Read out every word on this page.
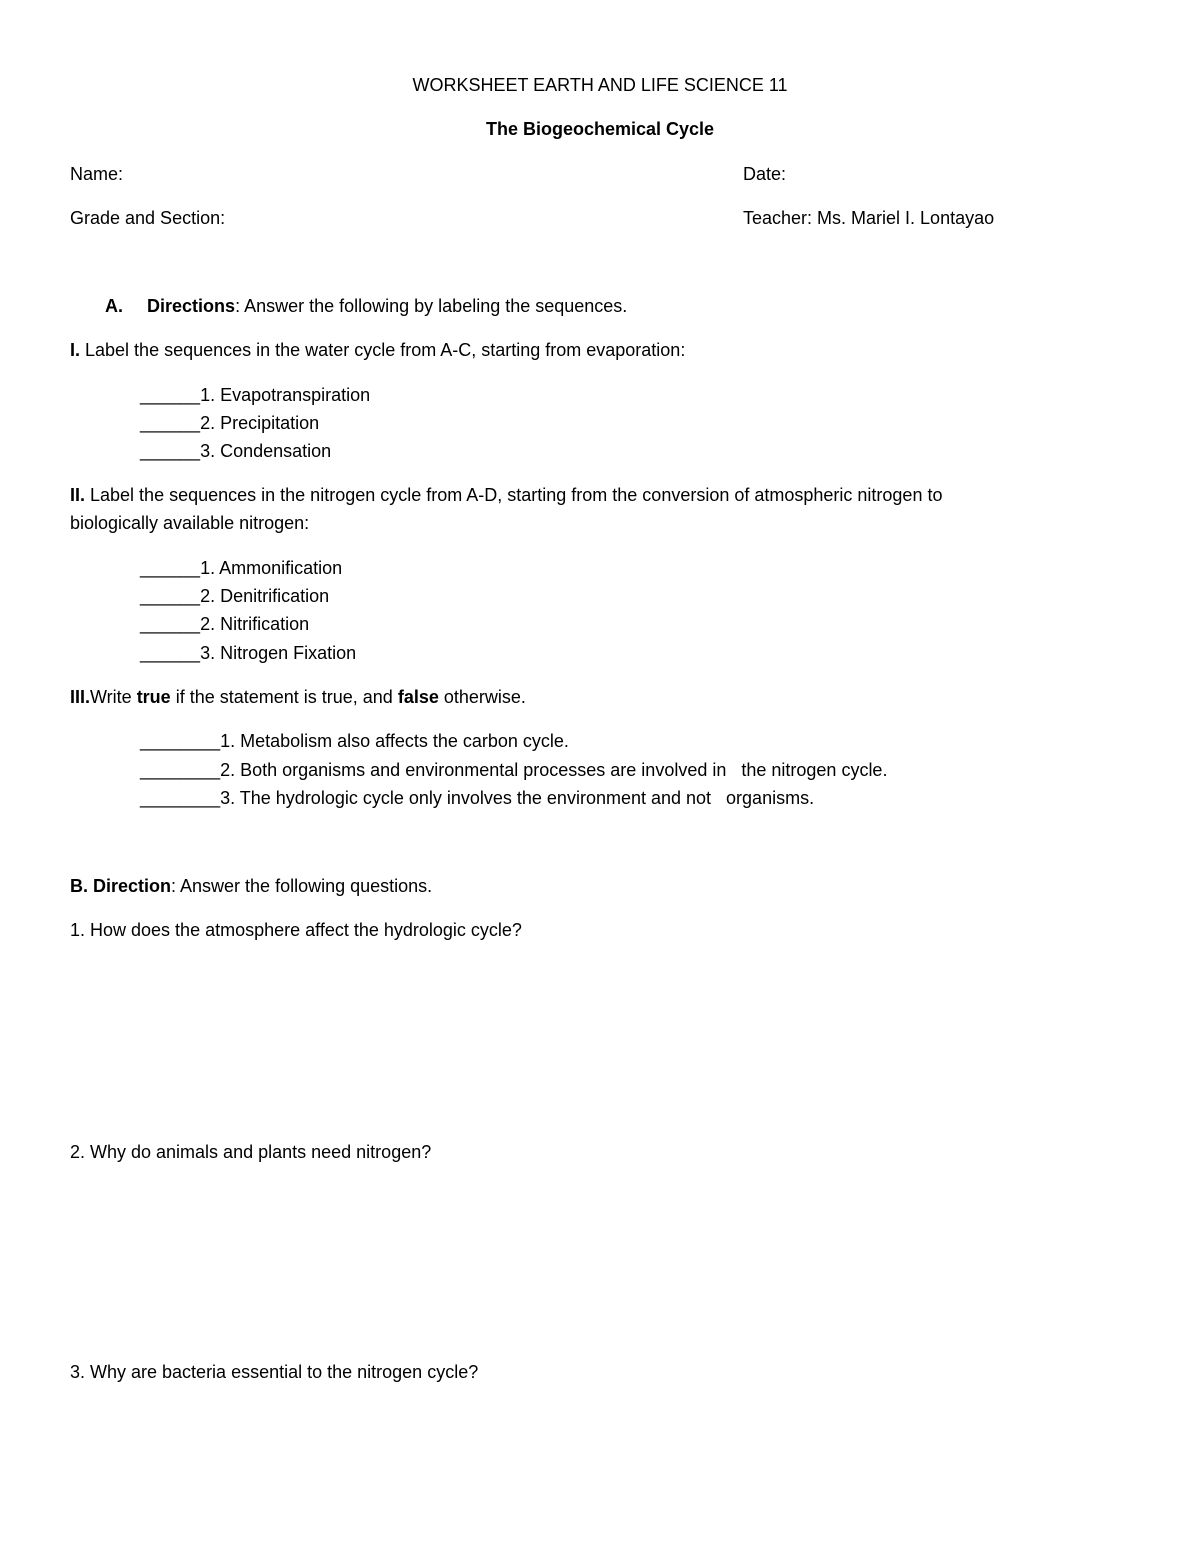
WORKSHEET EARTH AND LIFE SCIENCE 11
The Biogeochemical Cycle
Name:	Date:
Grade and Section:	Teacher: Ms. Mariel I. Lontayao
A. Directions: Answer the following by labeling the sequences.
I. Label the sequences in the water cycle from A-C, starting from evaporation:
______1. Evapotranspiration
______2. Precipitation
______3. Condensation
II. Label the sequences in the nitrogen cycle from A-D, starting from the conversion of atmospheric nitrogen to
biologically available nitrogen:
______1. Ammonification
______2. Denitrification
______2. Nitrification
______3. Nitrogen Fixation
III.Write true if the statement is true, and false otherwise.
________1. Metabolism also affects the carbon cycle.
________2. Both organisms and environmental processes are involved in   the nitrogen cycle.
________3. The hydrologic cycle only involves the environment and not   organisms.
B. Direction: Answer the following questions.
1. How does the atmosphere affect the hydrologic cycle?
2. Why do animals and plants need nitrogen?
3. Why are bacteria essential to the nitrogen cycle?
